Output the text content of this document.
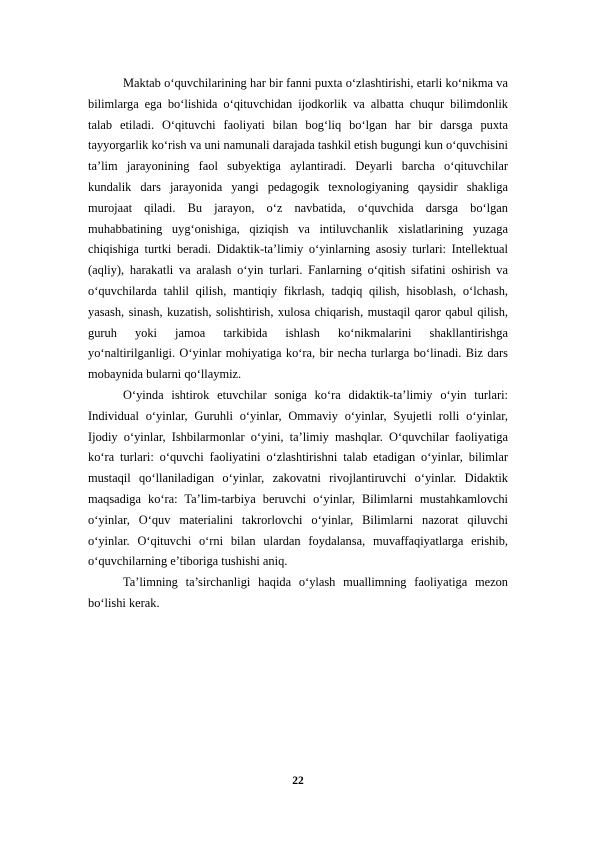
Maktab o‘quvchilarining har bir fanni puxta o‘zlashtirishi, etarli ko‘nikma va bilimlarga ega bo‘lishida o‘qituvchidan ijodkorlik va albatta chuqur bilimdonlik talab etiladi. O‘qituvchi faoliyati bilan bog‘liq bo‘lgan har bir darsga puxta tayyorgarlik ko‘rish va uni namunali darajada tashkil etish bugungi kun o‘quvchisini ta’lim jarayonining faol subyektiga aylantiradi. Deyarli barcha o‘qituvchilar kundalik dars jarayonida yangi pedagogik texnologiyaning qaysidir shakliga murojaat qiladi. Bu jarayon, o‘z navbatida, o‘quvchida darsga bo‘lgan muhabbatining uyg‘onishiga, qiziqish va intiluvchanlik xislatlarining yuzaga chiqishiga turtki beradi. Didaktik-ta’limiy o‘yinlarning asosiy turlari: Intellektual (aqliy), harakatli va aralash o‘yin turlari. Fanlarning o‘qitish sifatini oshirish va o‘quvchilarda tahlil qilish, mantiqiy fikrlash, tadqiq qilish, hisoblash, o‘lchash, yasash, sinash, kuzatish, solishtirish, xulosa chiqarish, mustaqil qaror qabul qilish, guruh yoki jamoa tarkibida ishlash ko‘nikmalarini shakllantirishga yo‘naltirilganligi. O‘yinlar mohiyatiga ko‘ra, bir necha turlarga bo‘linadi. Biz dars mobaynida bularni qo‘llaymiz.

O‘yinda ishtirok etuvchilar soniga ko‘ra didaktik-ta’limiy o‘yin turlari: Individual o‘yinlar, Guruhli o‘yinlar, Ommaviy o‘yinlar, Syujetli rolli o‘yinlar, Ijodiy o‘yinlar, Ishbilarmonlar o‘yini, ta’limiy mashqlar. O‘quvchilar faoliyatiga ko‘ra turlari: o‘quvchi faoliyatini o‘zlashtirishni talab etadigan o‘yinlar, bilimlar mustaqil qo‘llaniladigan o‘yinlar, zakovatni rivojlantiruvchi o‘yinlar. Didaktik maqsadiga ko‘ra: Ta’lim-tarbiya beruvchi o‘yinlar, Bilimlarni mustahkamlovchi o‘yinlar, O‘quv materialini takrorlovchi o‘yinlar, Bilimlarni nazorat qiluvchi o‘yinlar. O‘qituvchi o‘rni bilan ulardan foydalansa, muvaffaqiyatlarga erishib, o‘quvchilarning e’tiboriga tushishi aniq.

Ta’limning ta’sirchanligi haqida o‘ylash muallimning faoliyatiga mezon bo‘lishi kerak.

22
